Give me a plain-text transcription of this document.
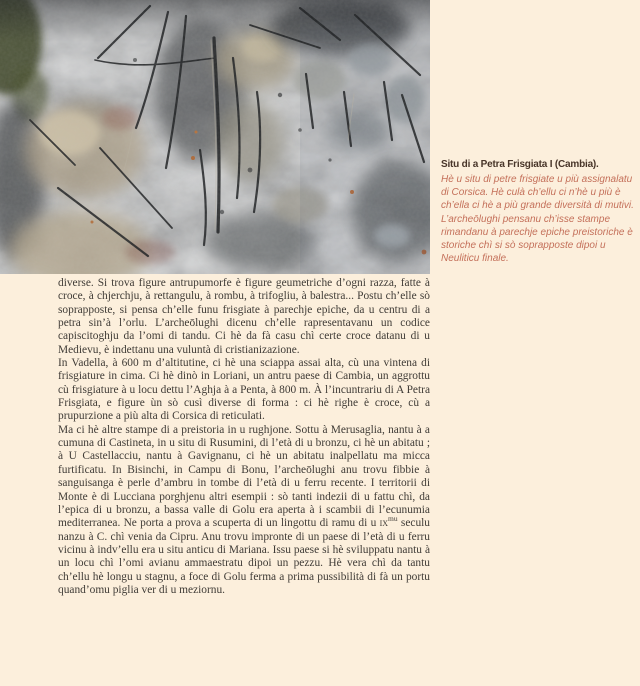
Situ di a Petra Frisgiata I (Cambia).

Hè u situ di petre frisgiate u più assignalatu di Corsica. Hè culà ch’ellu ci n’hè u più è ch’ella ci hè a più grande diversità di mutivi. L’archeōlughi pensanu ch’isse stampe rimandanu à parechje epiche preistoriche è storiche chì si sò soprapposte dipoi u Neuliticu finale.

diverse. Si trova figure antrupumorfe è figure geumetriche d’ogni razza, fatte à croce, à chjerchju, à rettangulu, à rombu, à trifogliu, à balestra... Postu ch’elle sò soprapposte, si pensa ch’elle funu frisgiate à parechje epiche, da u centru di a petra sin’à l’orlu. L’archeōlughi dicenu ch’elle rapresentavanu un codice capiscitoghju da l’omi di tandu. Ci hè da fà casu chì certe croce datanu di u Medievu, è indettanu una vuluntà di cristianizazione.

In Vadella, à 600 m d’altitutine, ci hè una sciappa assai alta, cù una vintena di frisgiature in cima. Ci hè dinò in Loriani, un antru paese di Cambia, un aggrottu cù frisgiature à u locu dettu l’Aghja à a Penta, à 800 m. À l’incuntrariu di A Petra Frisgiata, e figure ùn sò cusì diverse di forma : ci hè righe è croce, cù a prupurzione a più alta di Corsica di reticulati.

Ma ci hè altre stampe di a preistoria in u rughjone. Sottu à Merusaglia, nantu à a cumuna di Castineta, in u situ di Rusumini, di l’età di u bronzu, ci hè un abitatu ; à U Castellacciu, nantu à Gavignanu, ci hè un abitatu inalpellatu ma micca furtificatu. In Bisinchi, in Campu di Bonu, l’archeōlughi anu trovu fibbie à sanguisanga è perle d’ambru in tombe di l’età di u ferru recente. I territorii di Monte è di Lucciana porghjenu altri esempii : sò tanti indezii di u fattu chì, da l’epica di u bronzu, a bassa valle di Golu era aperta à i scambii di l’ecunumia mediterranea. Ne porta a prova a scuperta di un lingottu di ramu di u $ix^{mu}$ seculu nanzu à C. chì venia da Cipru. Anu trovu impronte di un paese di l’età di u ferru vicinu à indv’ellu era u situ anticu di Mariana. Issu paese si hè sviluppatu nantu à un locu chì l’omi avianu ammaestratu dipoi un pezzu. Hè vera chì da tantu ch’ellu hè longu u stagnu, a foce di Golu ferma a prima pussibilità di fà un portu quand’omu piglia ver di u meziornu.
